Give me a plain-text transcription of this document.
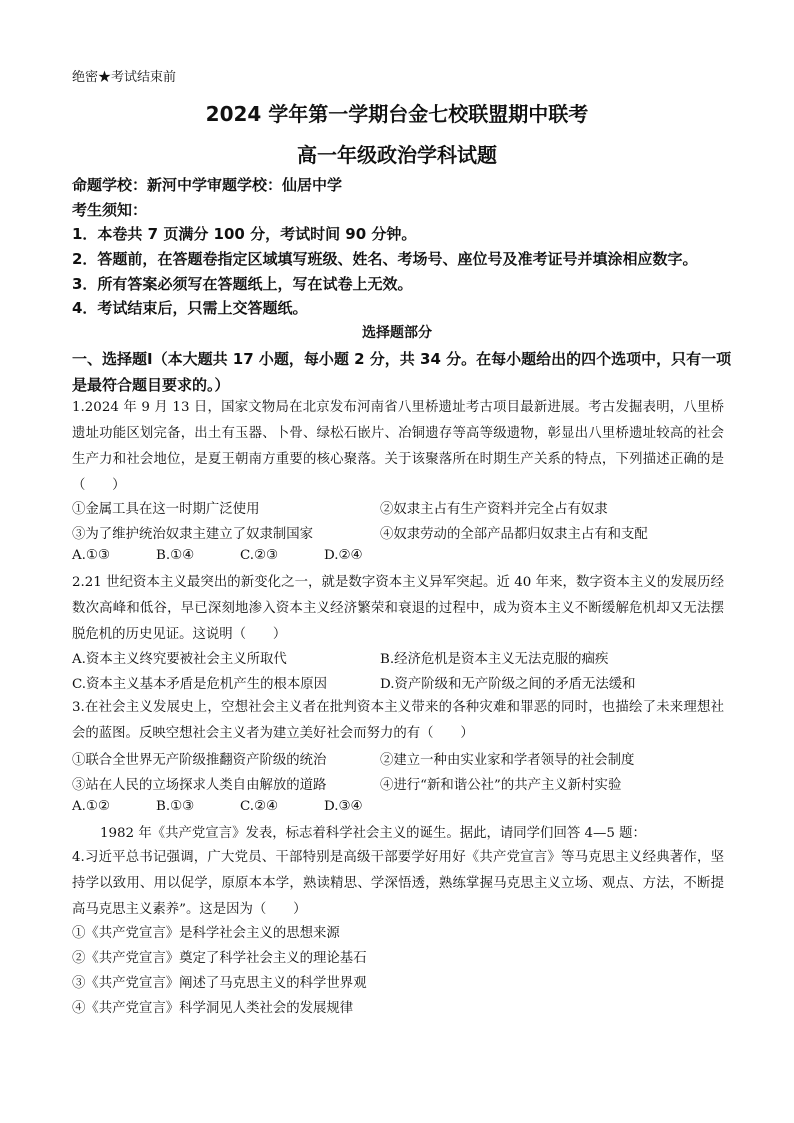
绝密★考试结束前
2024 学年第一学期台金七校联盟期中联考
高一年级政治学科试题
命题学校：新河中学审题学校：仙居中学
考生须知：
1．本卷共 7 页满分 100 分，考试时间 90 分钟。
2．答题前，在答题卷指定区域填写班级、姓名、考场号、座位号及准考证号并填涂相应数字。
3．所有答案必须写在答题纸上，写在试卷上无效。
4．考试结束后，只需上交答题纸。
选择题部分
一、选择题Ⅰ（本大题共 17 小题，每小题 2 分，共 34 分。在每小题给出的四个选项中，只有一项是最符合题目要求的。）
1.2024 年 9 月 13 日，国家文物局在北京发布河南省八里桥遗址考古项目最新进展。考古发掘表明，八里桥遗址功能区划完备，出土有玉器、卜骨、绿松石嵌片、冶铜遗存等高等级遗物，彰显出八里桥遗址较高的社会生产力和社会地位，是夏王朝南方重要的核心聚落。关于该聚落所在时期生产关系的特点，下列描述正确的是（　　）
①金属工具在这一时期广泛使用	②奴隶主占有生产资料并完全占有奴隶
③为了维护统治奴隶主建立了奴隶制国家	④奴隶劳动的全部产品都归奴隶主占有和支配
A.①③	B.①④	C.②③	D.②④
2.21 世纪资本主义最突出的新变化之一，就是数字资本主义异军突起。近 40 年来，数字资本主义的发展历经数次高峰和低谷，早已深刻地渗入资本主义经济繁荣和衰退的过程中，成为资本主义不断缓解危机却又无法摆脱危机的历史见证。这说明（　　）
A.资本主义终究要被社会主义所取代	B.经济危机是资本主义无法克服的痼疾
C.资本主义基本矛盾是危机产生的根本原因	D.资产阶级和无产阶级之间的矛盾无法缓和
3.在社会主义发展史上，空想社会主义者在批判资本主义带来的各种灾难和罪恶的同时，也描绘了未来理想社会的蓝图。反映空想社会主义者为建立美好社会而努力的有（　　）
①联合全世界无产阶级推翻资产阶级的统治	②建立一种由实业家和学者领导的社会制度
③站在人民的立场探求人类自由解放的道路	④进行“新和谐公社”的共产主义新村实验
A.①②	B.①③	C.②④	D.③④
1982 年《共产党宣言》发表，标志着科学社会主义的诞生。据此，请同学们回答 4—5 题：
4.习近平总书记强调，广大党员、干部特别是高级干部要学好用好《共产党宣言》等马克思主义经典著作，坚持学以致用、用以促学，原原本本学，熟读精思、学深悟透，熟练掌握马克思主义立场、观点、方法，不断提高马克思主义素养”。这是因为（　　）
①《共产党宣言》是科学社会主义的思想来源
②《共产党宣言》奠定了科学社会主义的理论基石
③《共产党宣言》阐述了马克思主义的科学世界观
④《共产党宣言》科学洞见人类社会的发展规律
